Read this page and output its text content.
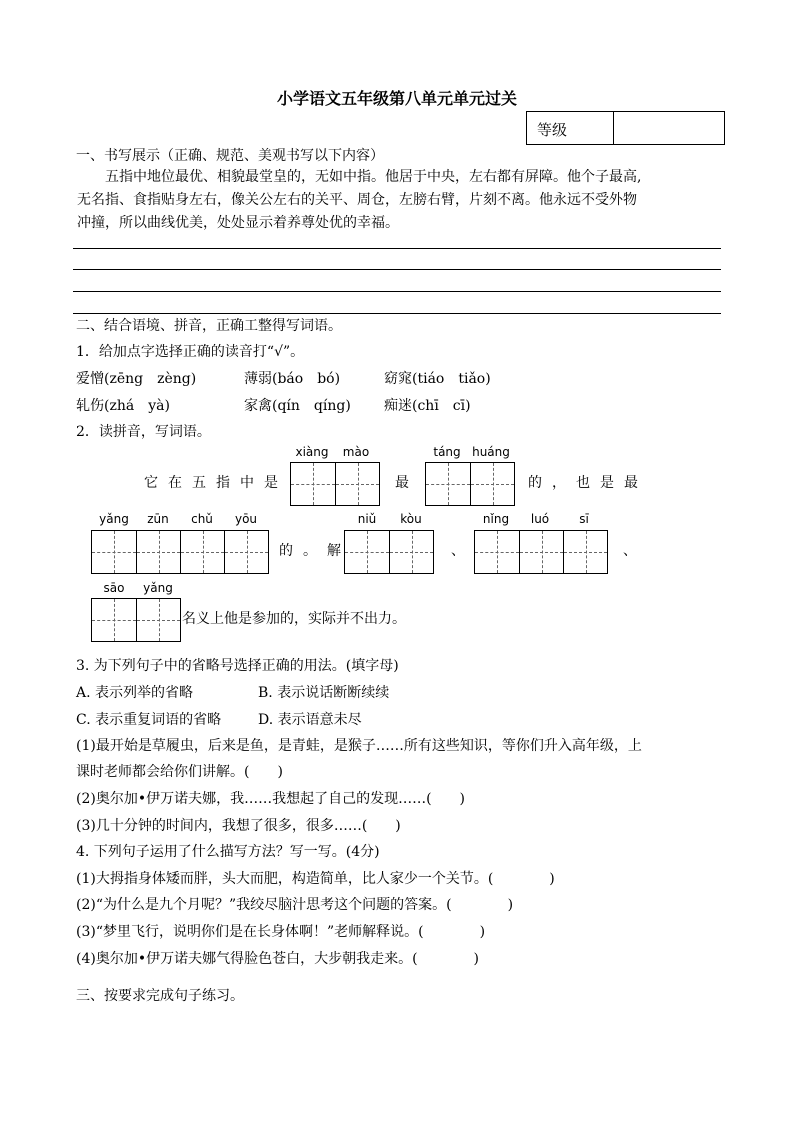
小学语文五年级第八单元单元过关
等级
一、书写展示（正确、规范、美观书写以下内容）

五指中地位最优、相貌最堂皇的，无如中指。他居于中央，左右都有屏障。他个子最高,

无名指、食指贴身左右，像关公左右的关平、周仓，左膀右臂，片刻不离。他永远不受外物

冲撞，所以曲线优美，处处显示着养尊处优的幸福。

二、结合语境、拼音，正确工整得写词语。
1．给加点字选择正确的读音打“√”。
爱憎(zēng　zèng)	薄弱(báo　bó)	窈窕(tiáo　tiǎo)
轧伤(zhá　yà)	家禽(qín　qíng) 痴迷(chī　cī)
2．读拼音，写词语。
xiàng	mào	táng huáng
它在五指中是	最	的，也是最
yǎng	zūn	chǔ	yōu	niǔ	kòu	nǐng	luó	sī
的。解	、	、
sāo	yǎng
名义上他是参加的，实际并不出力。
3. 为下列句子中的省略号选择正确的用法。(填字母)
A. 表示列举的省略	B. 表示说话断断续续
C. 表示重复词语的省略	D. 表示语意未尽
(1)最开始是草履虫，后来是鱼，是青蛙，是猴子……所有这些知识，等你们升入高年级，上
课时老师都会给你们讲解。(　　)
(2)奥尔加•伊万诺夫娜，我……我想起了自己的发现……(　　)
(3)几十分钟的时间内，我想了很多，很多……(　　)
4. 下列句子运用了什么描写方法？写一写。(4分)
(1)大拇指身体矮而胖，头大而肥，构造简单，比人家少一个关节。(　　　　)
(2)“为什么是九个月呢？”我绞尽脑汁思考这个问题的答案。(　　　　)
(3)“梦里飞行，说明你们是在长身体啊！”老师解释说。(　　　　)
(4)奥尔加•伊万诺夫娜气得脸色苍白，大步朝我走来。(　　　　)
三、按要求完成句子练习。
